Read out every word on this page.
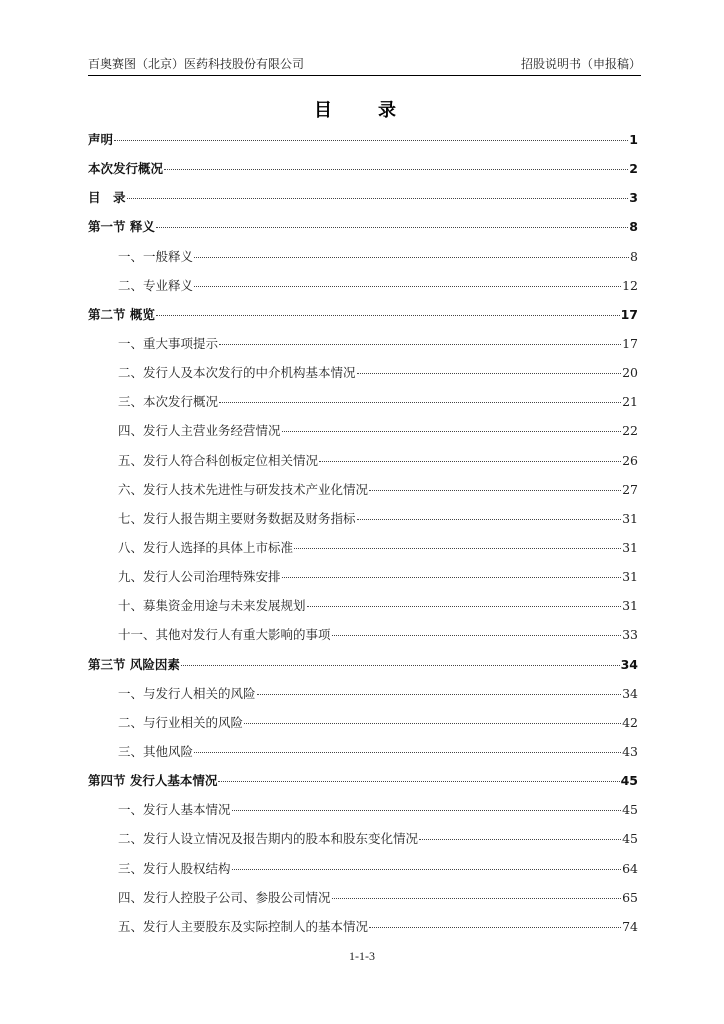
百奥赛图（北京）医药科技股份有限公司	招股说明书（申报稿）
目　录
声明	1
本次发行概况	2
目　录	3
第一节 释义	8
一、一般释义	8
二、专业释义	12
第二节 概览	17
一、重大事项提示	17
二、发行人及本次发行的中介机构基本情况	20
三、本次发行概况	21
四、发行人主营业务经营情况	22
五、发行人符合科创板定位相关情况	26
六、发行人技术先进性与研发技术产业化情况	27
七、发行人报告期主要财务数据及财务指标	31
八、发行人选择的具体上市标准	31
九、发行人公司治理特殊安排	31
十、募集资金用途与未来发展规划	31
十一、其他对发行人有重大影响的事项	33
第三节 风险因素	34
一、与发行人相关的风险	34
二、与行业相关的风险	42
三、其他风险	43
第四节 发行人基本情况	45
一、发行人基本情况	45
二、发行人设立情况及报告期内的股本和股东变化情况	45
三、发行人股权结构	64
四、发行人控股子公司、参股公司情况	65
五、发行人主要股东及实际控制人的基本情况	74
1-1-3
